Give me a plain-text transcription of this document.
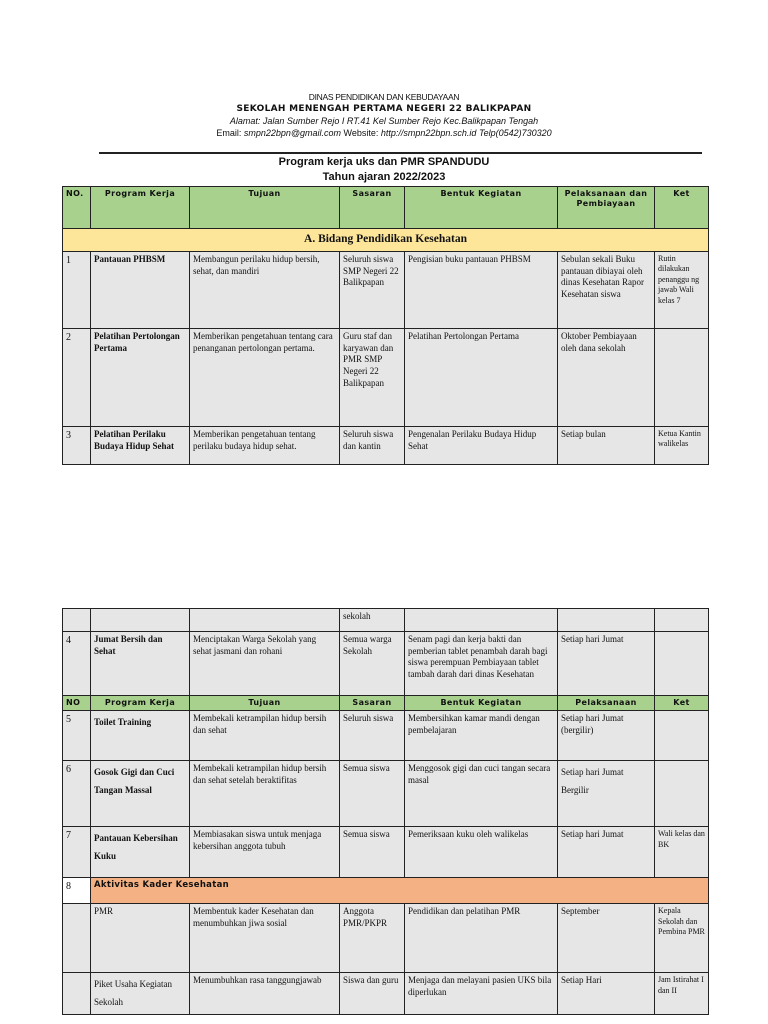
DINAS PENDIDIKAN DAN KEBUDAYAAN
SEKOLAH MENENGAH PERTAMA NEGERI 22 BALIKPAPAN
Alamat: Jalan Sumber Rejo I RT.41 Kel Sumber Rejo Kec.Balikpapan Tengah
Email: smpn22bpn@gmail.com Website: http://smpn22bpn.sch.id Telp(0542)730320
Program kerja uks dan PMR SPANDUDU
Tahun ajaran 2022/2023
NO.	Program Kerja	Tujuan	Sasaran	Bentuk Kegiatan	Pelaksanaan dan Pembiayaan	Ket
A. Bidang Pendidikan Kesehatan						
1	Pantauan PHBSM	Membangun perilaku hidup bersih, sehat, dan mandiri	Seluruh siswa SMP Negeri 22 Balikpapan	Pengisian buku pantauan PHBSM	Sebulan sekali Buku pantauan dibiayai oleh dinas Kesehatan Rapor Kesehatan siswa	Rutin dilakukan penanggu ng jawab Wali kelas 7
2	Pelatihan Pertolongan Pertama	Memberikan pengetahuan tentang cara penanganan pertolongan pertama.	Guru staf dan karyawan dan PMR SMP Negeri 22 Balikpapan	Pelatihan Pertolongan Pertama	Oktober Pembiayaan oleh dana sekolah	
3	Pelatihan Perilaku Budaya Hidup Sehat	Memberikan pengetahuan tentang perilaku budaya hidup sehat.	Seluruh siswa dan kantin	Pengenalan Perilaku Budaya Hidup Sehat	Setiap bulan	Ketua Kantin walikelas
			sekolah			
4	Jumat Bersih dan Sehat	Menciptakan Warga Sekolah yang sehat jasmani dan rohani	Semua warga Sekolah	Senam pagi dan kerja bakti dan pemberian tablet penambah darah bagi siswa perempuan Pembiayaan tablet tambah darah dari dinas Kesehatan	Setiap hari Jumat	
NO	Program Kerja	Tujuan	Sasaran	Bentuk Kegiatan	Pelaksanaan	Ket
5	Toilet Training	Membekali ketrampilan hidup bersih dan sehat	Seluruh siswa	Membersihkan kamar mandi dengan pembelajaran	Setiap hari Jumat (bergilir)	
6	Gosok Gigi dan Cuci Tangan Massal	Membekali ketrampilan hidup bersih dan sehat setelah beraktifitas	Semua siswa	Menggosok gigi dan cuci tangan secara masal	Setiap hari Jumat Bergilir	
7	Pantauan Kebersihan Kuku	Membiasakan siswa untuk menjaga kebersihan anggota tubuh	Semua siswa	Pemeriksaan kuku oleh walikelas	Setiap hari Jumat	Wali kelas dan BK
8	Aktivitas Kader Kesehatan					
	PMR	Membentuk kader Kesehatan dan menumbuhkan jiwa sosial	Anggota PMR/PKPR	Pendidikan dan pelatihan PMR	September	Kepala Sekolah dan Pembina PMR
	Piket Usaha Kegiatan Sekolah	Menumbuhkan rasa tanggungjawab	Siswa dan guru	Menjaga dan melayani pasien UKS bila diperlukan	Setiap Hari	Jam Istirahat I dan II
